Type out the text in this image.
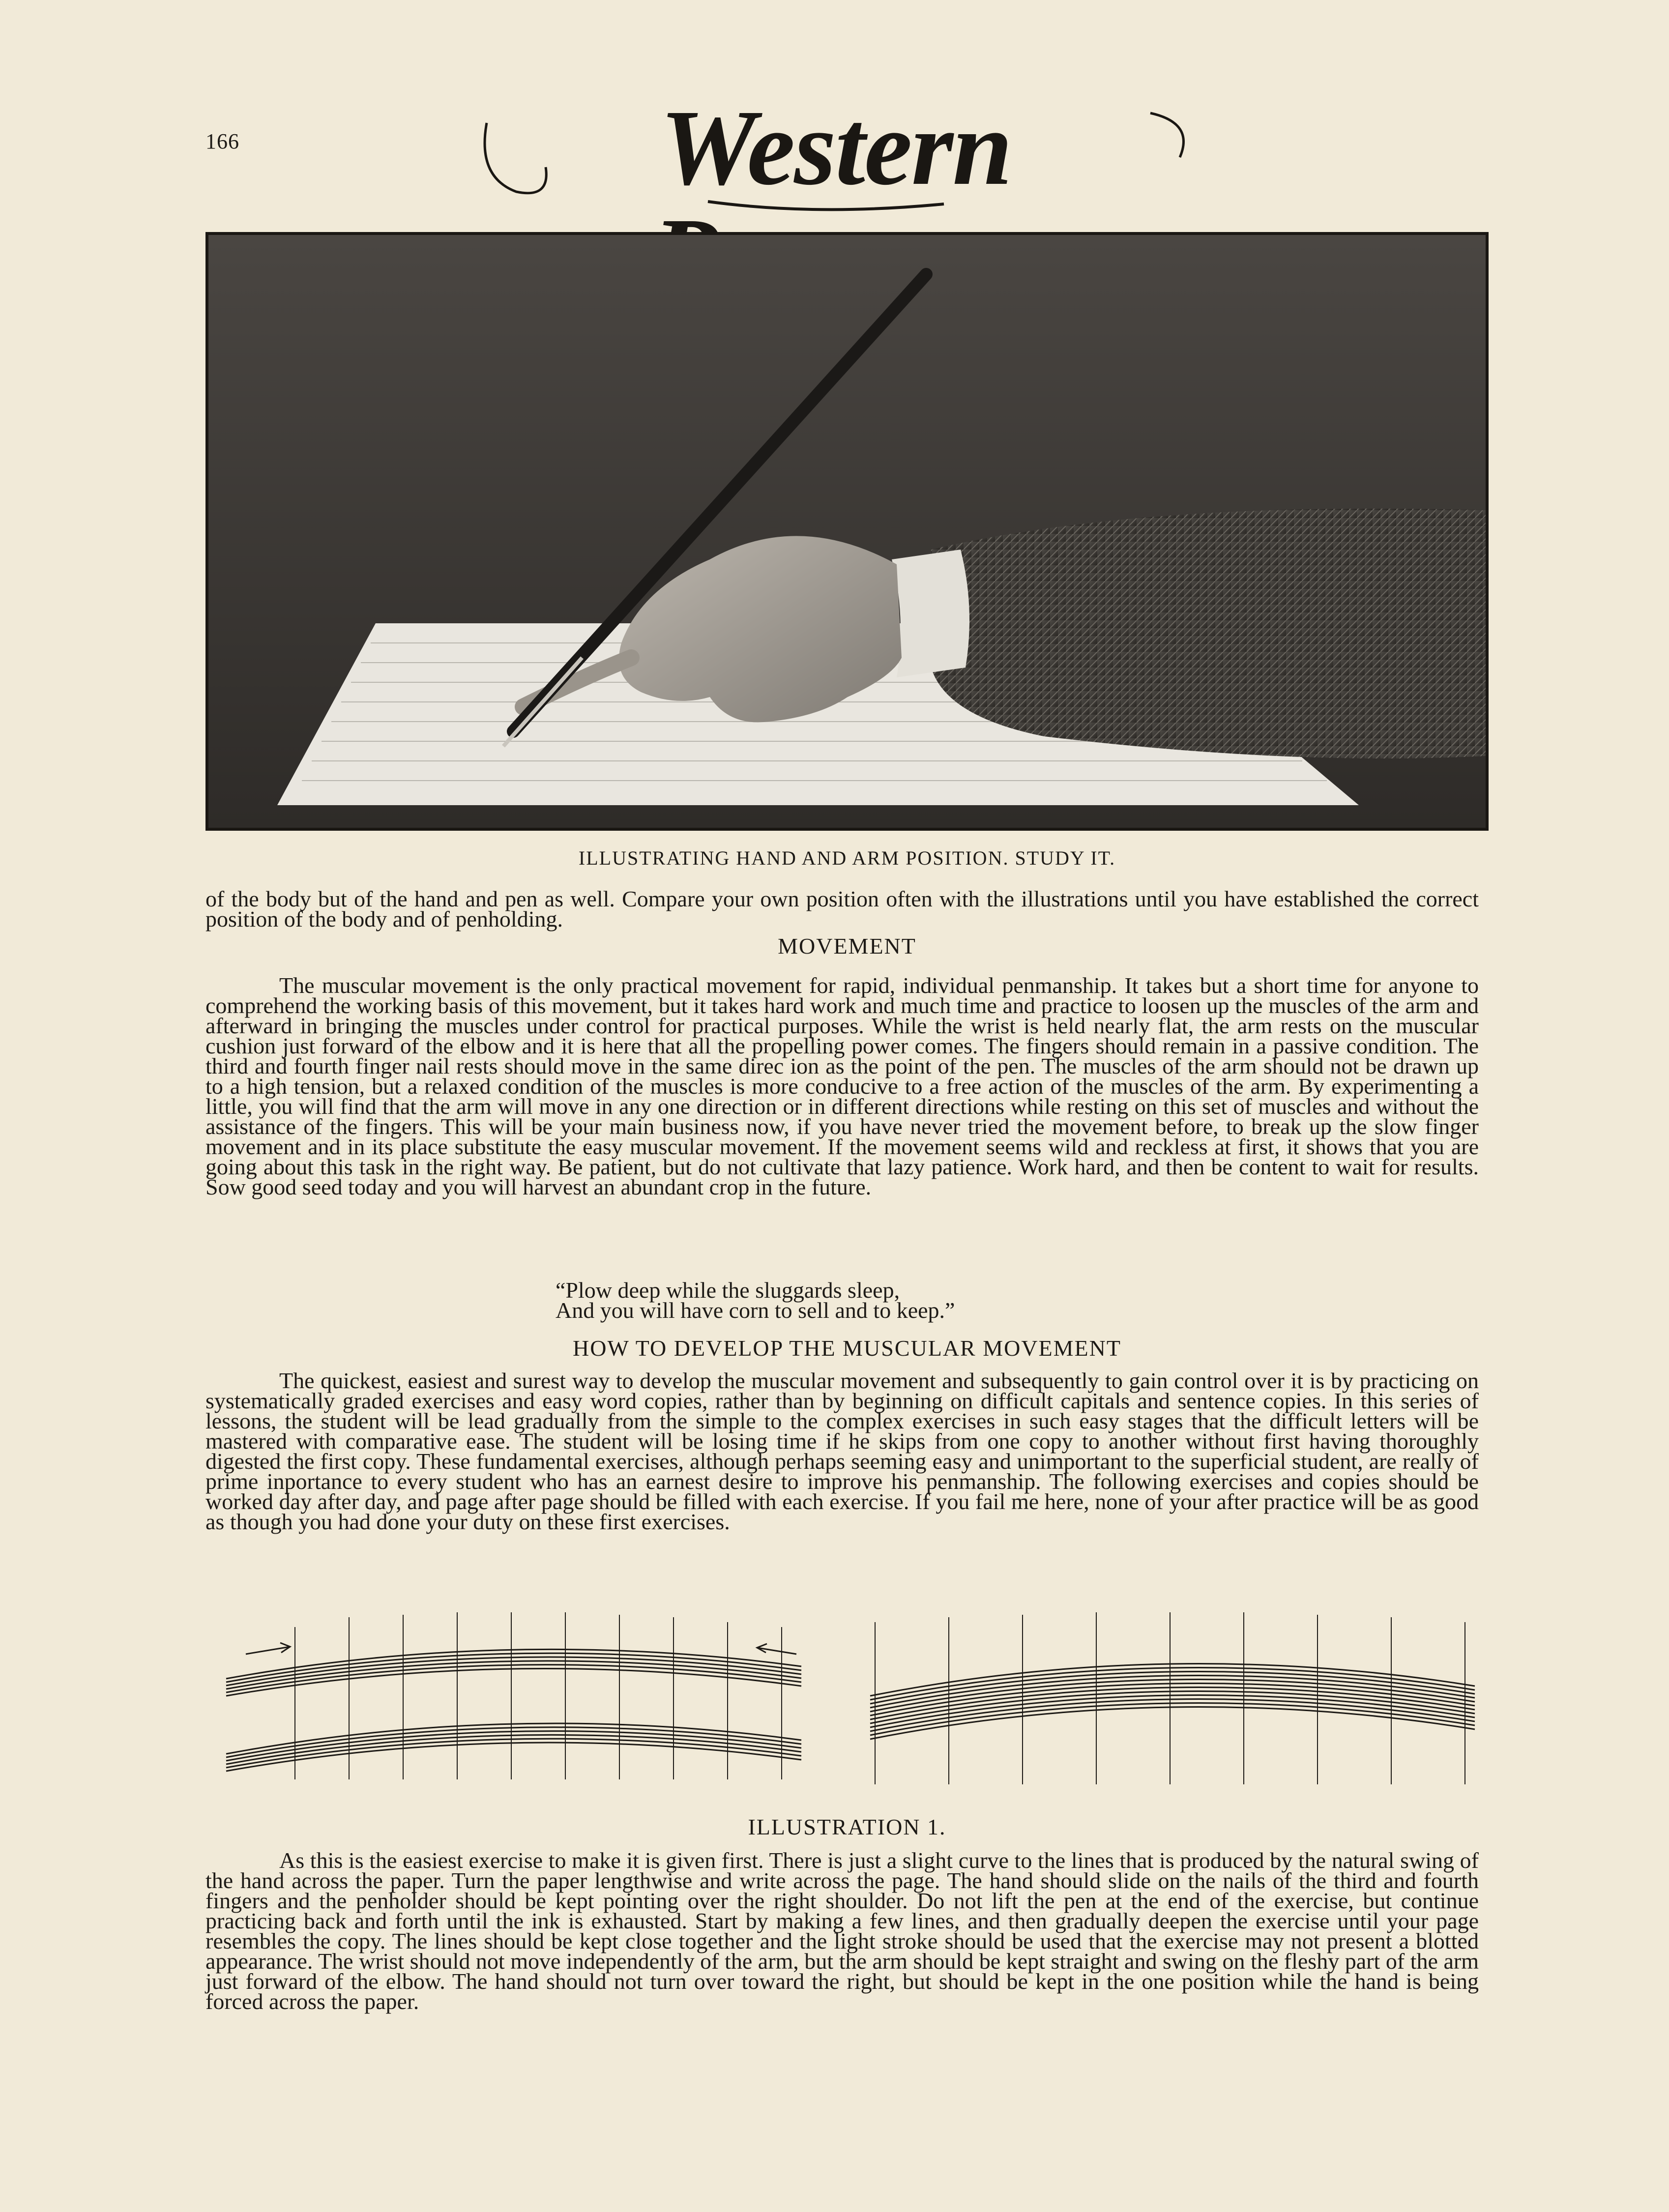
166	Western
ILLUSTRATING HAND AND ARM POSITION. STUDY IT.

of the body but of the hand and pen as well. Compare your own position often with the illustrations until you have established the correct position of the body and of penholding.

MOVEMENT

The muscular movement is the only practical movement for rapid, individual penmanship. It takes but a short time for anyone to comprehend the working basis of this movement, but it takes hard work and much time and practice to loosen up the muscles of the arm and afterward in bringing the muscles under control for practical purposes. While the wrist is held nearly flat, the arm rests on the muscular cushion just forward of the elbow and it is here that all the propelling power comes. The fingers should remain in a passive condition. The third and fourth finger nail rests should move in the same direc ion as the point of the pen. The muscles of the arm should not be drawn up to a high tension, but a relaxed condition of the muscles is more conducive to a free action of the muscles of the arm. By experimenting a little, you will find that the arm will move in any one direction or in different directions while resting on this set of muscles and without the assistance of the fingers. This will be your main business now, if you have never tried the movement before, to break up the slow finger movement and in its place substitute the easy muscular movement. If the movement seems wild and reckless at first, it shows that you are going about this task in the right way. Be patient, but do not cultivate that lazy patience. Work hard, and then be content to wait for results. Sow good seed today and you will harvest an abundant crop in the future.

“Plow deep while the sluggards sleep,
And you will have corn to sell and to keep.”
HOW TO DEVELOP THE MUSCULAR MOVEMENT

The quickest, easiest and surest way to develop the muscular movement and subsequently to gain control over it is by practicing on systematically graded exercises and easy word copies, rather than by beginning on difficult capitals and sentence copies. In this series of lessons, the student will be lead gradually from the simple to the complex exercises in such easy stages that the difficult letters will be mastered with comparative ease. The student will be losing time if he skips from one copy to another without first having thoroughly digested the first copy. These fundamental exercises, although perhaps seeming easy and unimportant to the superficial student, are really of prime inportance to every student who has an earnest desire to improve his penmanship. The following exercises and copies should be worked day after day, and page after page should be filled with each exercise. If you fail me here, none of your after practice will be as good as though you had done your duty on these first exercises.

ILLUSTRATION 1.

As this is the easiest exercise to make it is given first. There is just a slight curve to the lines that is produced by the natural swing of the hand across the paper. Turn the paper lengthwise and write across the page. The hand should slide on the nails of the third and fourth fingers and the penholder should be kept pointing over the right shoulder. Do not lift the pen at the end of the exercise, but continue practicing back and forth until the ink is exhausted. Start by making a few lines, and then gradually deepen the exercise until your page resembles the copy. The lines should be kept close together and the light stroke should be used that the exercise may not present a blotted appearance. The wrist should not move independently of the arm, but the arm should be kept straight and swing on the fleshy part of the arm just forward of the elbow. The hand should not turn over toward the right, but should be kept in the one position while the hand is being forced across the paper.
